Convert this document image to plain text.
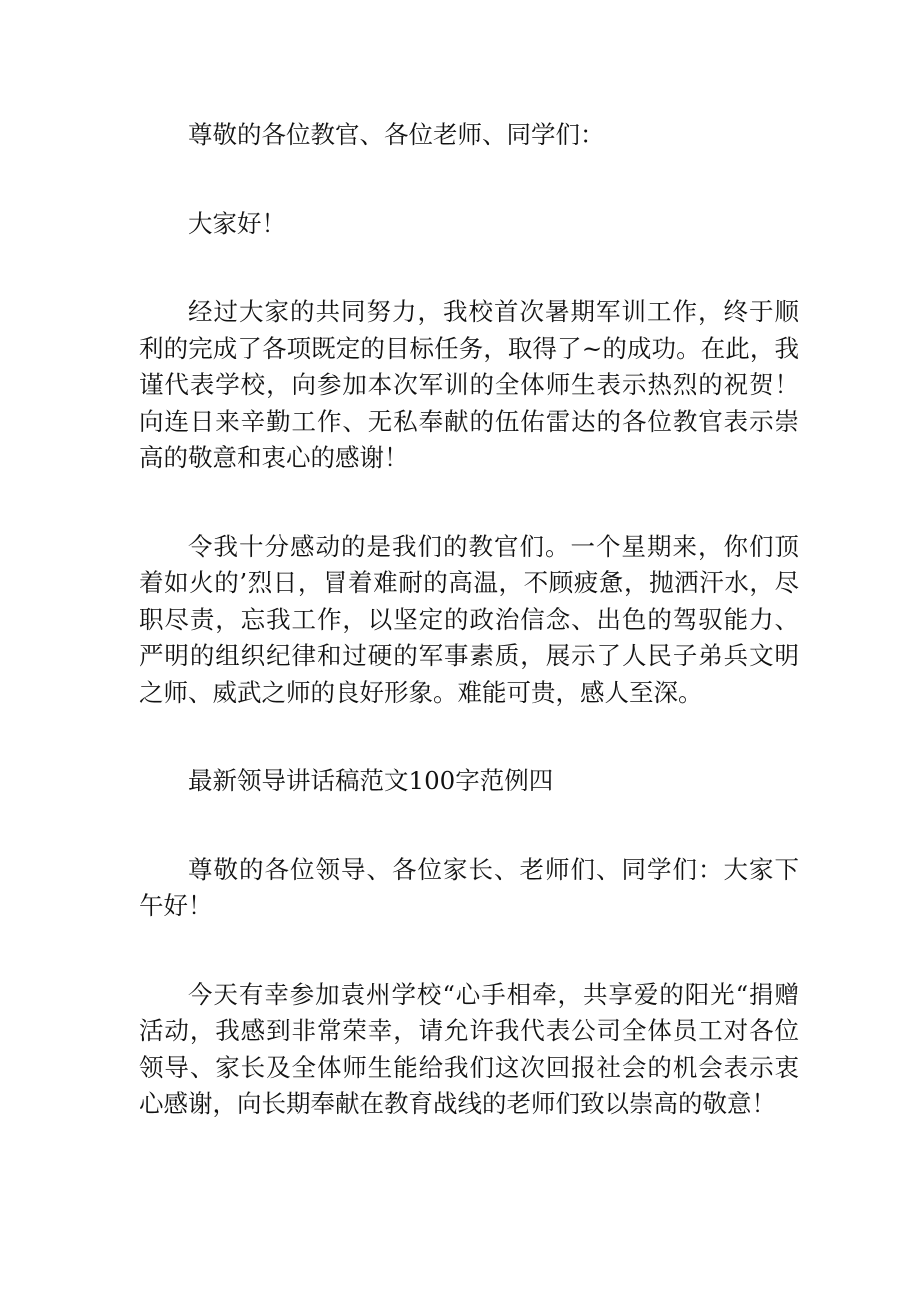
尊敬的各位教官、各位老师、同学们：

大家好！

经过大家的共同努力，我校首次暑期军训工作，终于顺利的完成了各项既定的目标任务，取得了~的成功。在此，我谨代表学校，向参加本次军训的全体师生表示热烈的祝贺！向连日来辛勤工作、无私奉献的伍佑雷达的各位教官表示崇高的敬意和衷心的感谢！

令我十分感动的是我们的教官们。一个星期来，你们顶着如火的’烈日，冒着难耐的高温，不顾疲惫，抛洒汗水，尽职尽责，忘我工作，以坚定的政治信念、出色的驾驭能力、严明的组织纪律和过硬的军事素质，展示了人民子弟兵文明之师、威武之师的良好形象。难能可贵，感人至深。

最新领导讲话稿范文100字范例四

尊敬的各位领导、各位家长、老师们、同学们：大家下午好！

今天有幸参加袁州学校“心手相牵，共享爱的阳光“捐赠活动，我感到非常荣幸，请允许我代表公司全体员工对各位领导、家长及全体师生能给我们这次回报社会的机会表示衷心感谢，向长期奉献在教育战线的老师们致以崇高的敬意！
